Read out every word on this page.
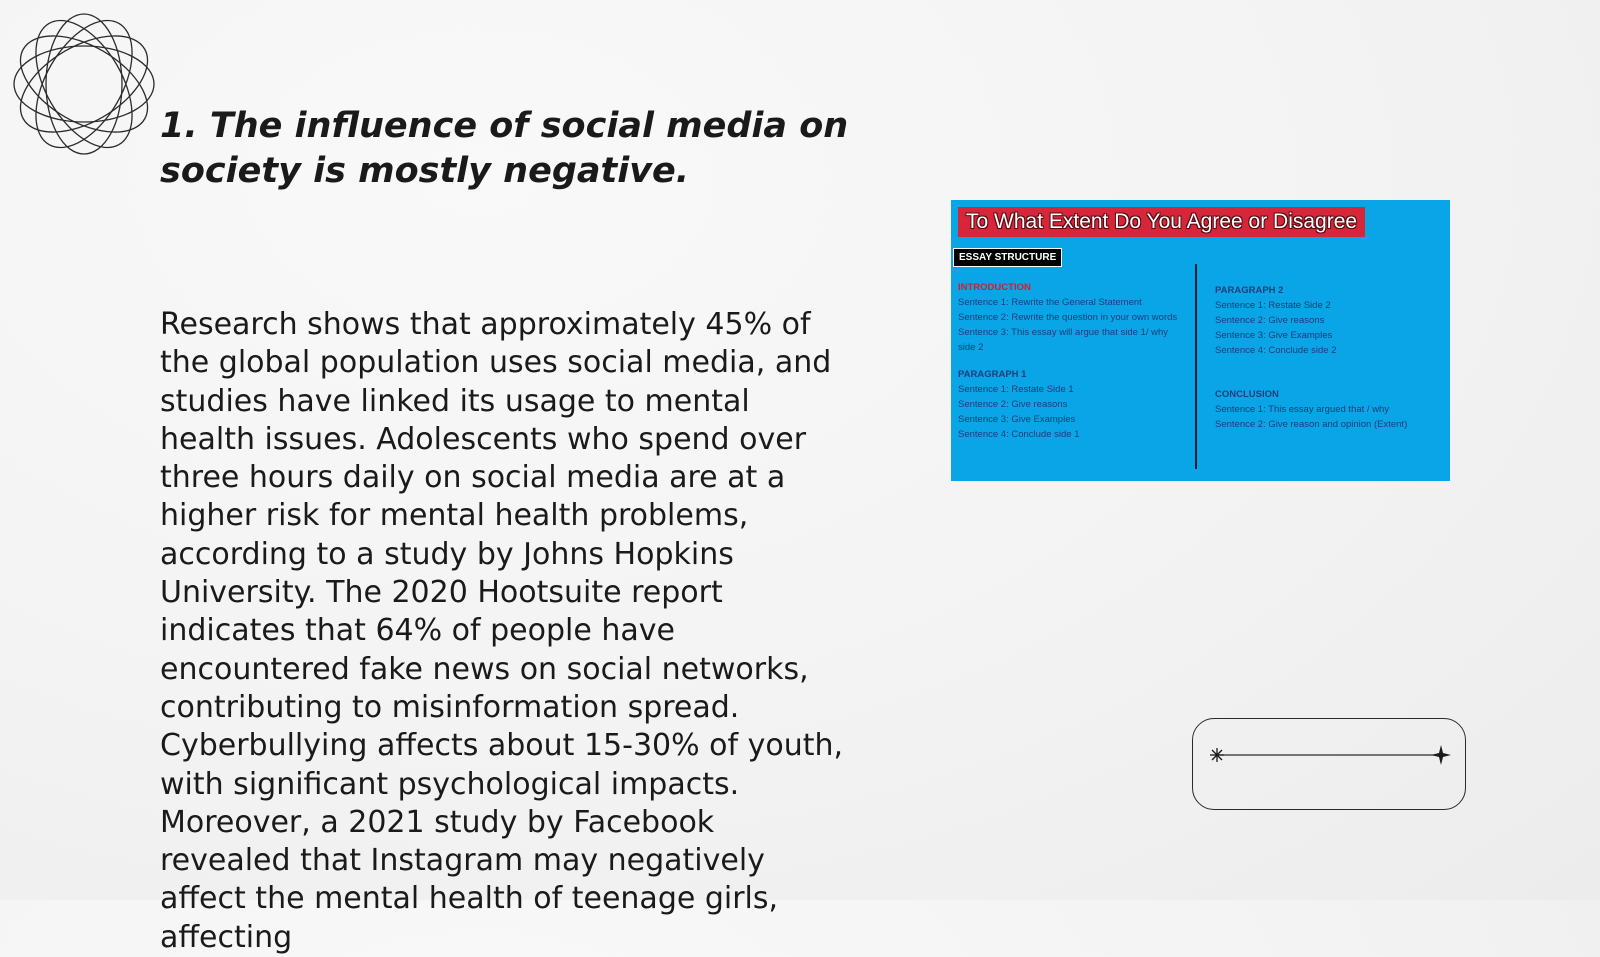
1. The influence of social media on society is mostly negative.

Research shows that approximately 45% of the global population uses social media, and studies have linked its usage to mental health issues. Adolescents who spend over three hours daily on social media are at a higher risk for mental health problems, according to a study by Johns Hopkins University. The 2020 Hootsuite report indicates that 64% of people have encountered fake news on social networks, contributing to misinformation spread. Cyberbullying affects about 15-30% of youth, with significant psychological impacts. Moreover, a 2021 study by Facebook revealed that Instagram may negatively affect the mental health of teenage girls, affecting

To What Extent Do You Agree or Disagree
ESSAY STRUCTURE
INTRODUCTION
Sentence 1: Rewrite the General Statement
Sentence 2: Rewrite the question in your own words
Sentence 3: This essay will argue that side 1/ why side 2
PARAGRAPH 1
Sentence 1: Restate Side 1
Sentence 2: Give reasons
Sentence 3: Give Examples
Sentence 4: Conclude side 1
PARAGRAPH 2
Sentence 1: Restate Side 2
Sentence 2: Give reasons
Sentence 3: Give Examples
Sentence 4: Conclude side 2
CONCLUSION
Sentence 1: This essay argued that / why
Sentence 2: Give reason and opinion (Extent)
